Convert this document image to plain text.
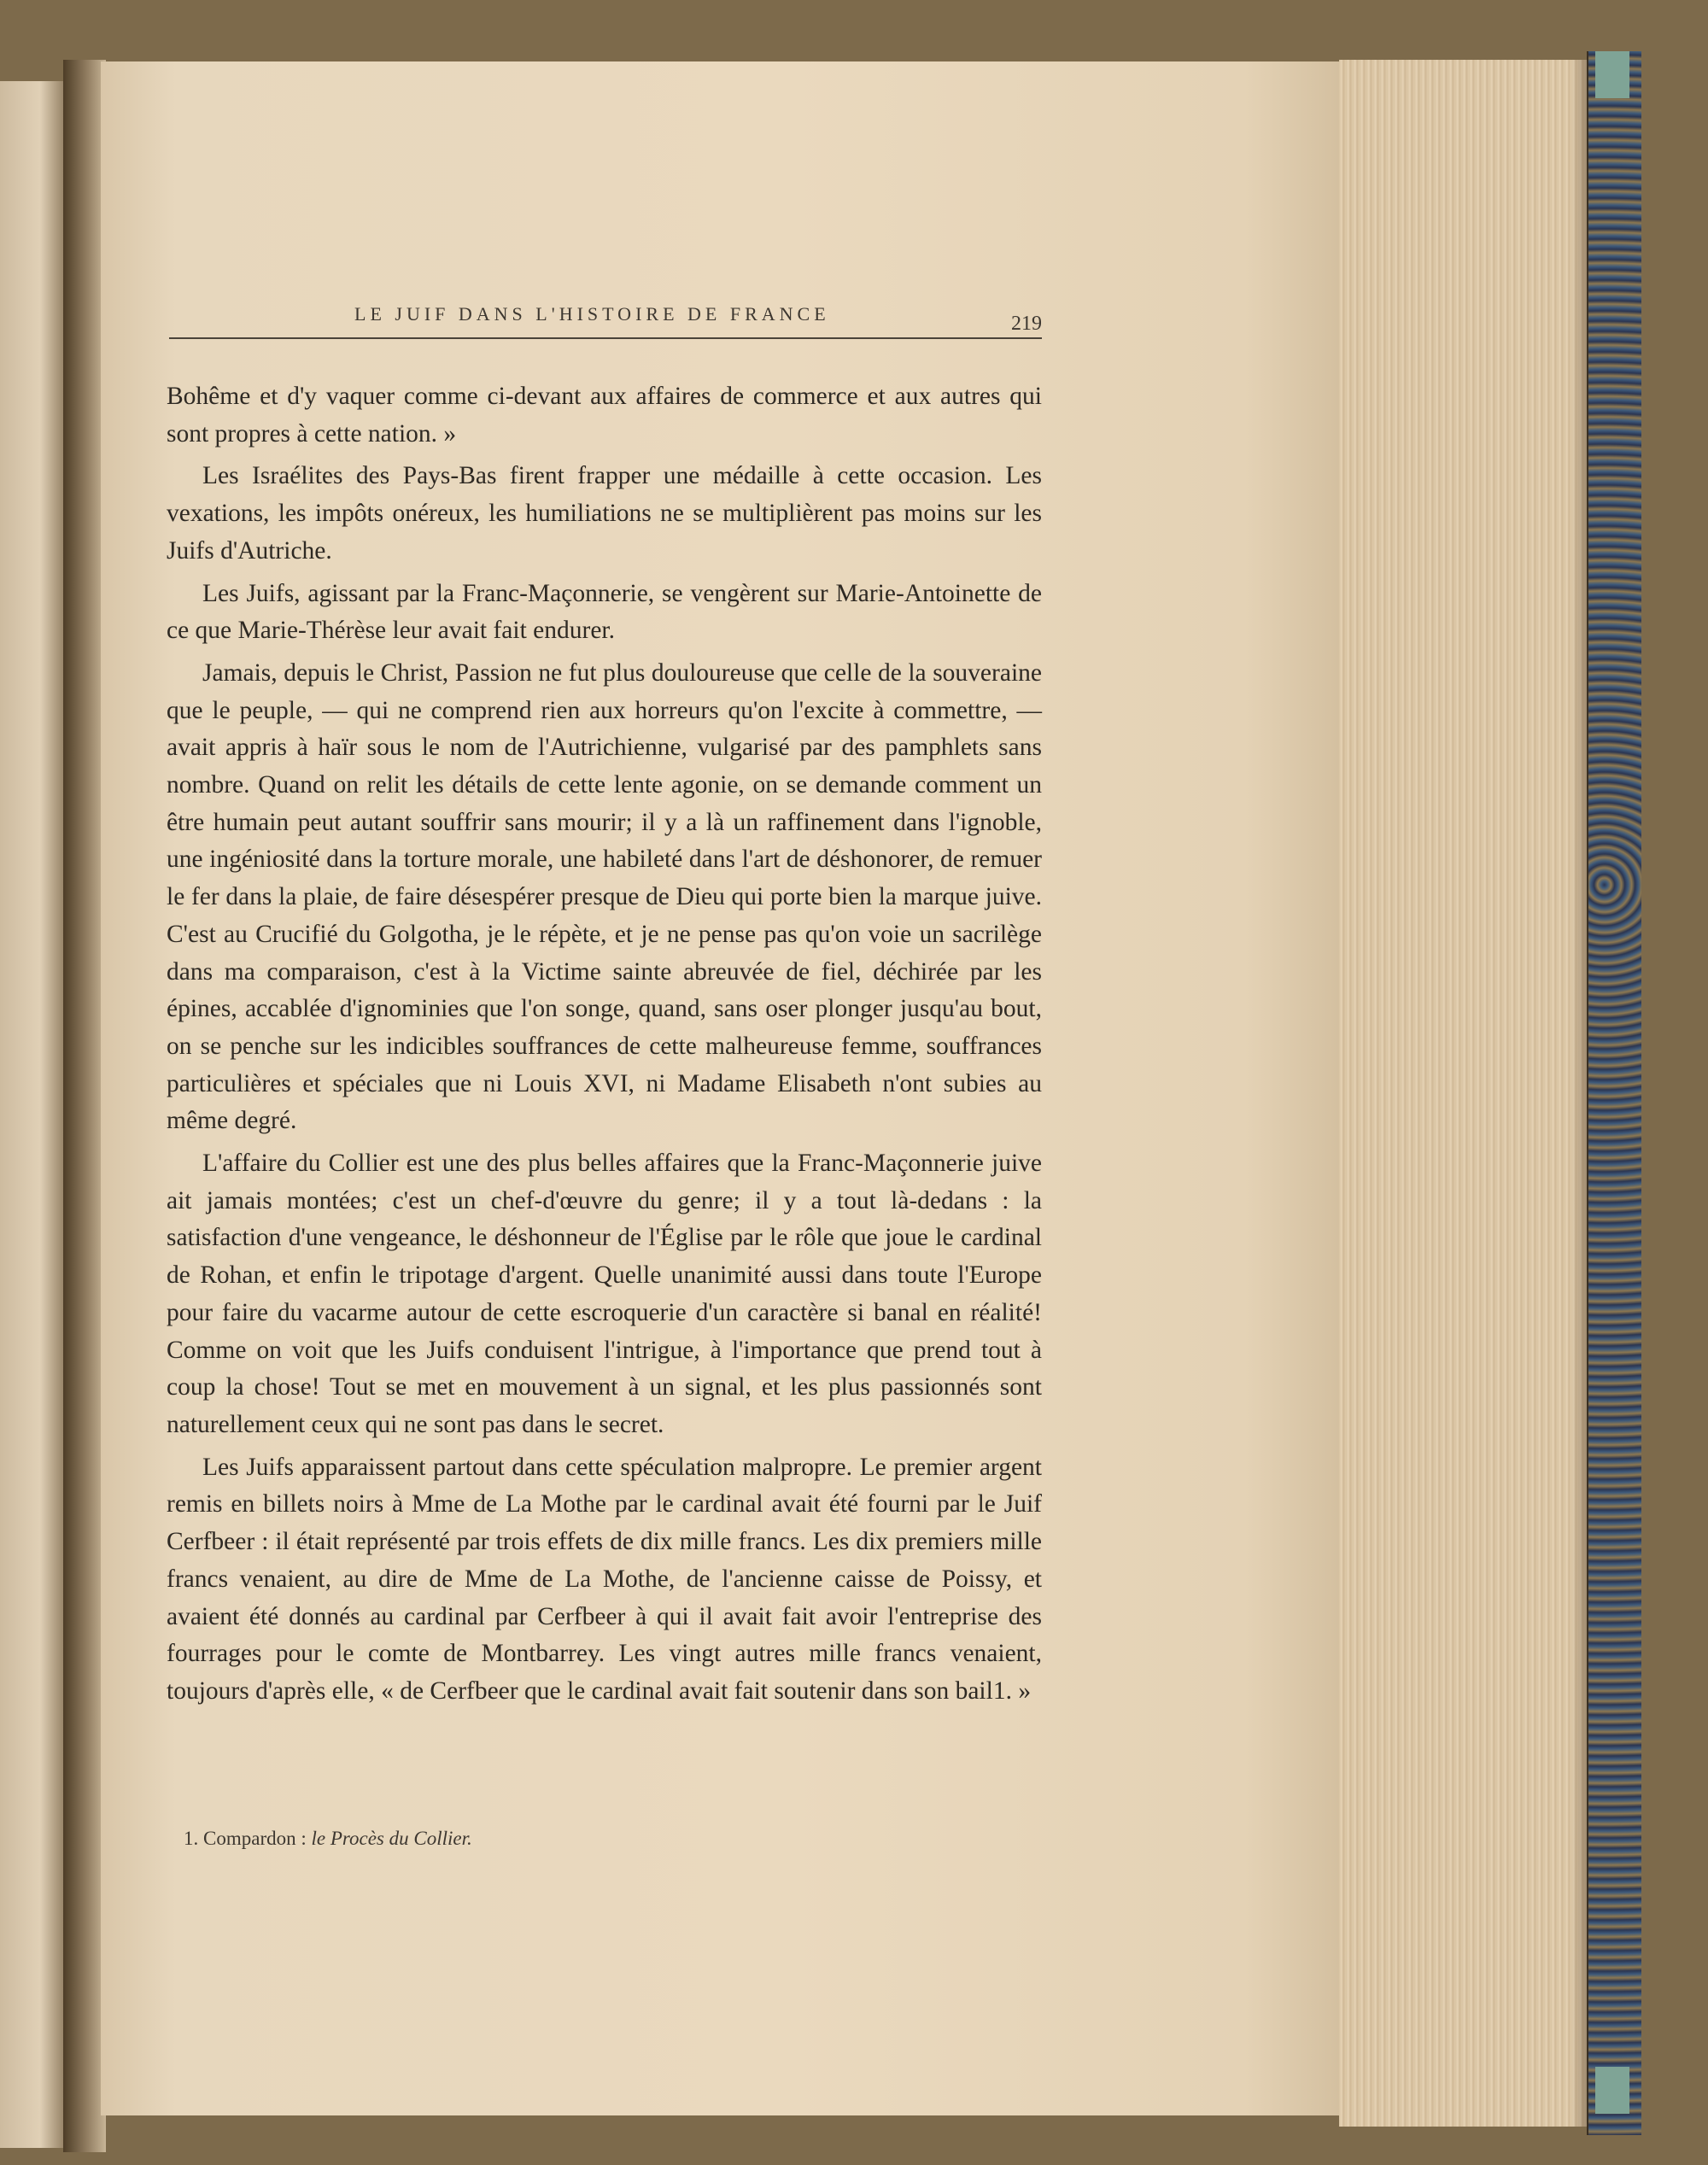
LE JUIF DANS L'HISTOIRE DE FRANCE	219

Bohême et d'y vaquer comme ci-devant aux affaires de commerce et aux autres qui sont propres à cette nation. »

Les Israélites des Pays-Bas firent frapper une médaille à cette occasion. Les vexations, les impôts onéreux, les humiliations ne se multiplièrent pas moins sur les Juifs d'Autriche.

Les Juifs, agissant par la Franc-Maçonnerie, se vengèrent sur Marie-Antoinette de ce que Marie-Thérèse leur avait fait endurer.

Jamais, depuis le Christ, Passion ne fut plus douloureuse que celle de la souveraine que le peuple, — qui ne comprend rien aux horreurs qu'on l'excite à commettre, — avait appris à haïr sous le nom de l'Autrichienne, vulgarisé par des pamphlets sans nombre. Quand on relit les détails de cette lente agonie, on se demande comment un être humain peut autant souffrir sans mourir; il y a là un raffinement dans l'ignoble, une ingéniosité dans la torture morale, une habileté dans l'art de déshonorer, de remuer le fer dans la plaie, de faire désespérer presque de Dieu qui porte bien la marque juive. C'est au Crucifié du Golgotha, je le répète, et je ne pense pas qu'on voie un sacrilège dans ma comparaison, c'est à la Victime sainte abreuvée de fiel, déchirée par les épines, accablée d'ignominies que l'on songe, quand, sans oser plonger jusqu'au bout, on se penche sur les indicibles souffrances de cette malheureuse femme, souffrances particulières et spéciales que ni Louis XVI, ni Madame Elisabeth n'ont subies au même degré.

L'affaire du Collier est une des plus belles affaires que la Franc-Maçonnerie juive ait jamais montées; c'est un chef-d'œuvre du genre; il y a tout là-dedans : la satisfaction d'une vengeance, le déshonneur de l'Église par le rôle que joue le cardinal de Rohan, et enfin le tripotage d'argent. Quelle unanimité aussi dans toute l'Europe pour faire du vacarme autour de cette escroquerie d'un caractère si banal en réalité! Comme on voit que les Juifs conduisent l'intrigue, à l'importance que prend tout à coup la chose! Tout se met en mouvement à un signal, et les plus passionnés sont naturellement ceux qui ne sont pas dans le secret.

Les Juifs apparaissent partout dans cette spéculation malpropre. Le premier argent remis en billets noirs à Mme de La Mothe par le cardinal avait été fourni par le Juif Cerfbeer : il était représenté par trois effets de dix mille francs. Les dix premiers mille francs venaient, au dire de Mme de La Mothe, de l'ancienne caisse de Poissy, et avaient été donnés au cardinal par Cerfbeer à qui il avait fait avoir l'entreprise des fourrages pour le comte de Montbarrey. Les vingt autres mille francs venaient, toujours d'après elle, « de Cerfbeer que le cardinal avait fait soutenir dans son bail1. »

1. Compardon : le Procès du Collier.
